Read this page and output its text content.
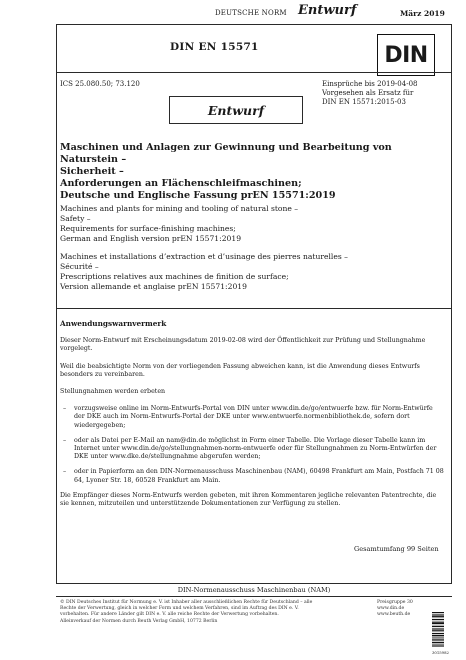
DEUTSCHE NORM Entwurf	März 2019
DIN EN 15571	DIN
ICS 25.080.50; 73.120	Einsprüche bis 2019-04-08
Vorgesehen als Ersatz für
DIN EN 15571:2015-03
Entwurf
Maschinen und Anlagen zur Gewinnung und Bearbeitung von Naturstein –
Sicherheit –
Anforderungen an Flächenschleifmaschinen;
Deutsche und Englische Fassung prEN 15571:2019
Machines and plants for mining and tooling of natural stone –
Safety –
Requirements for surface-finishing machines;
German and English version prEN 15571:2019
Machines et installations d’extraction et d’usinage des pierres naturelles –
Sécurité –
Prescriptions relatives aux machines de finition de surface;
Version allemande et anglaise prEN 15571:2019
Anwendungswarnvermerk

Dieser Norm-Entwurf mit Erscheinungsdatum 2019-02-08 wird der Öffentlichkeit zur Prüfung und Stellungnahme vorgelegt.

Weil die beabsichtigte Norm von der vorliegenden Fassung abweichen kann, ist die Anwendung dieses Entwurfs besonders zu vereinbaren.

Stellungnahmen werden erbeten

– vorzugsweise online im Norm-Entwurfs-Portal von DIN unter www.din.de/go/entwuerfe bzw. für Norm-Entwürfe der DKE auch im Norm-Entwurfs-Portal der DKE unter www.entwuerfe.normenbibliothek.de, sofern dort wiedergegeben;
– oder als Datei per E-Mail an nam@din.de möglichst in Form einer Tabelle. Die Vorlage dieser Tabelle kann im Internet unter www.din.de/go/stellungnahmen-norm-entwuerfe oder für Stellungnahmen zu Norm-Entwürfen der DKE unter www.dke.de/stellungnahme abgerufen werden;
– oder in Papierform an den DIN-Normenausschuss Maschinenbau (NAM), 60498 Frankfurt am Main, Postfach 71 08 64, Lyoner Str. 18, 60528 Frankfurt am Main.

Die Empfänger dieses Norm-Entwurfs werden gebeten, mit ihren Kommentaren jegliche relevanten Patentrechte, die sie kennen, mitzuteilen und unterstützende Dokumentationen zur Verfügung zu stellen.

Gesamtumfang 99 Seiten
DIN-Normenausschuss Maschinenbau (NAM)
© DIN Deutsches Institut für Normung e. V. ist Inhaber aller ausschließlichen Rechte für Deutschland – alle
Rechte der Verwertung, gleich in welcher Form und welchem Verfahren, sind im Auftrag des DIN e. V.
vorbehalten. Für andere Länder gilt DIN e. V. alle reiche Rechte der Verwertung vorbehalten.
Alleinverkauf der Normen durch Beuth Verlag GmbH, 10772 Berlin
Preisgruppe 30
www.din.de
www.beuth.de
3015982
